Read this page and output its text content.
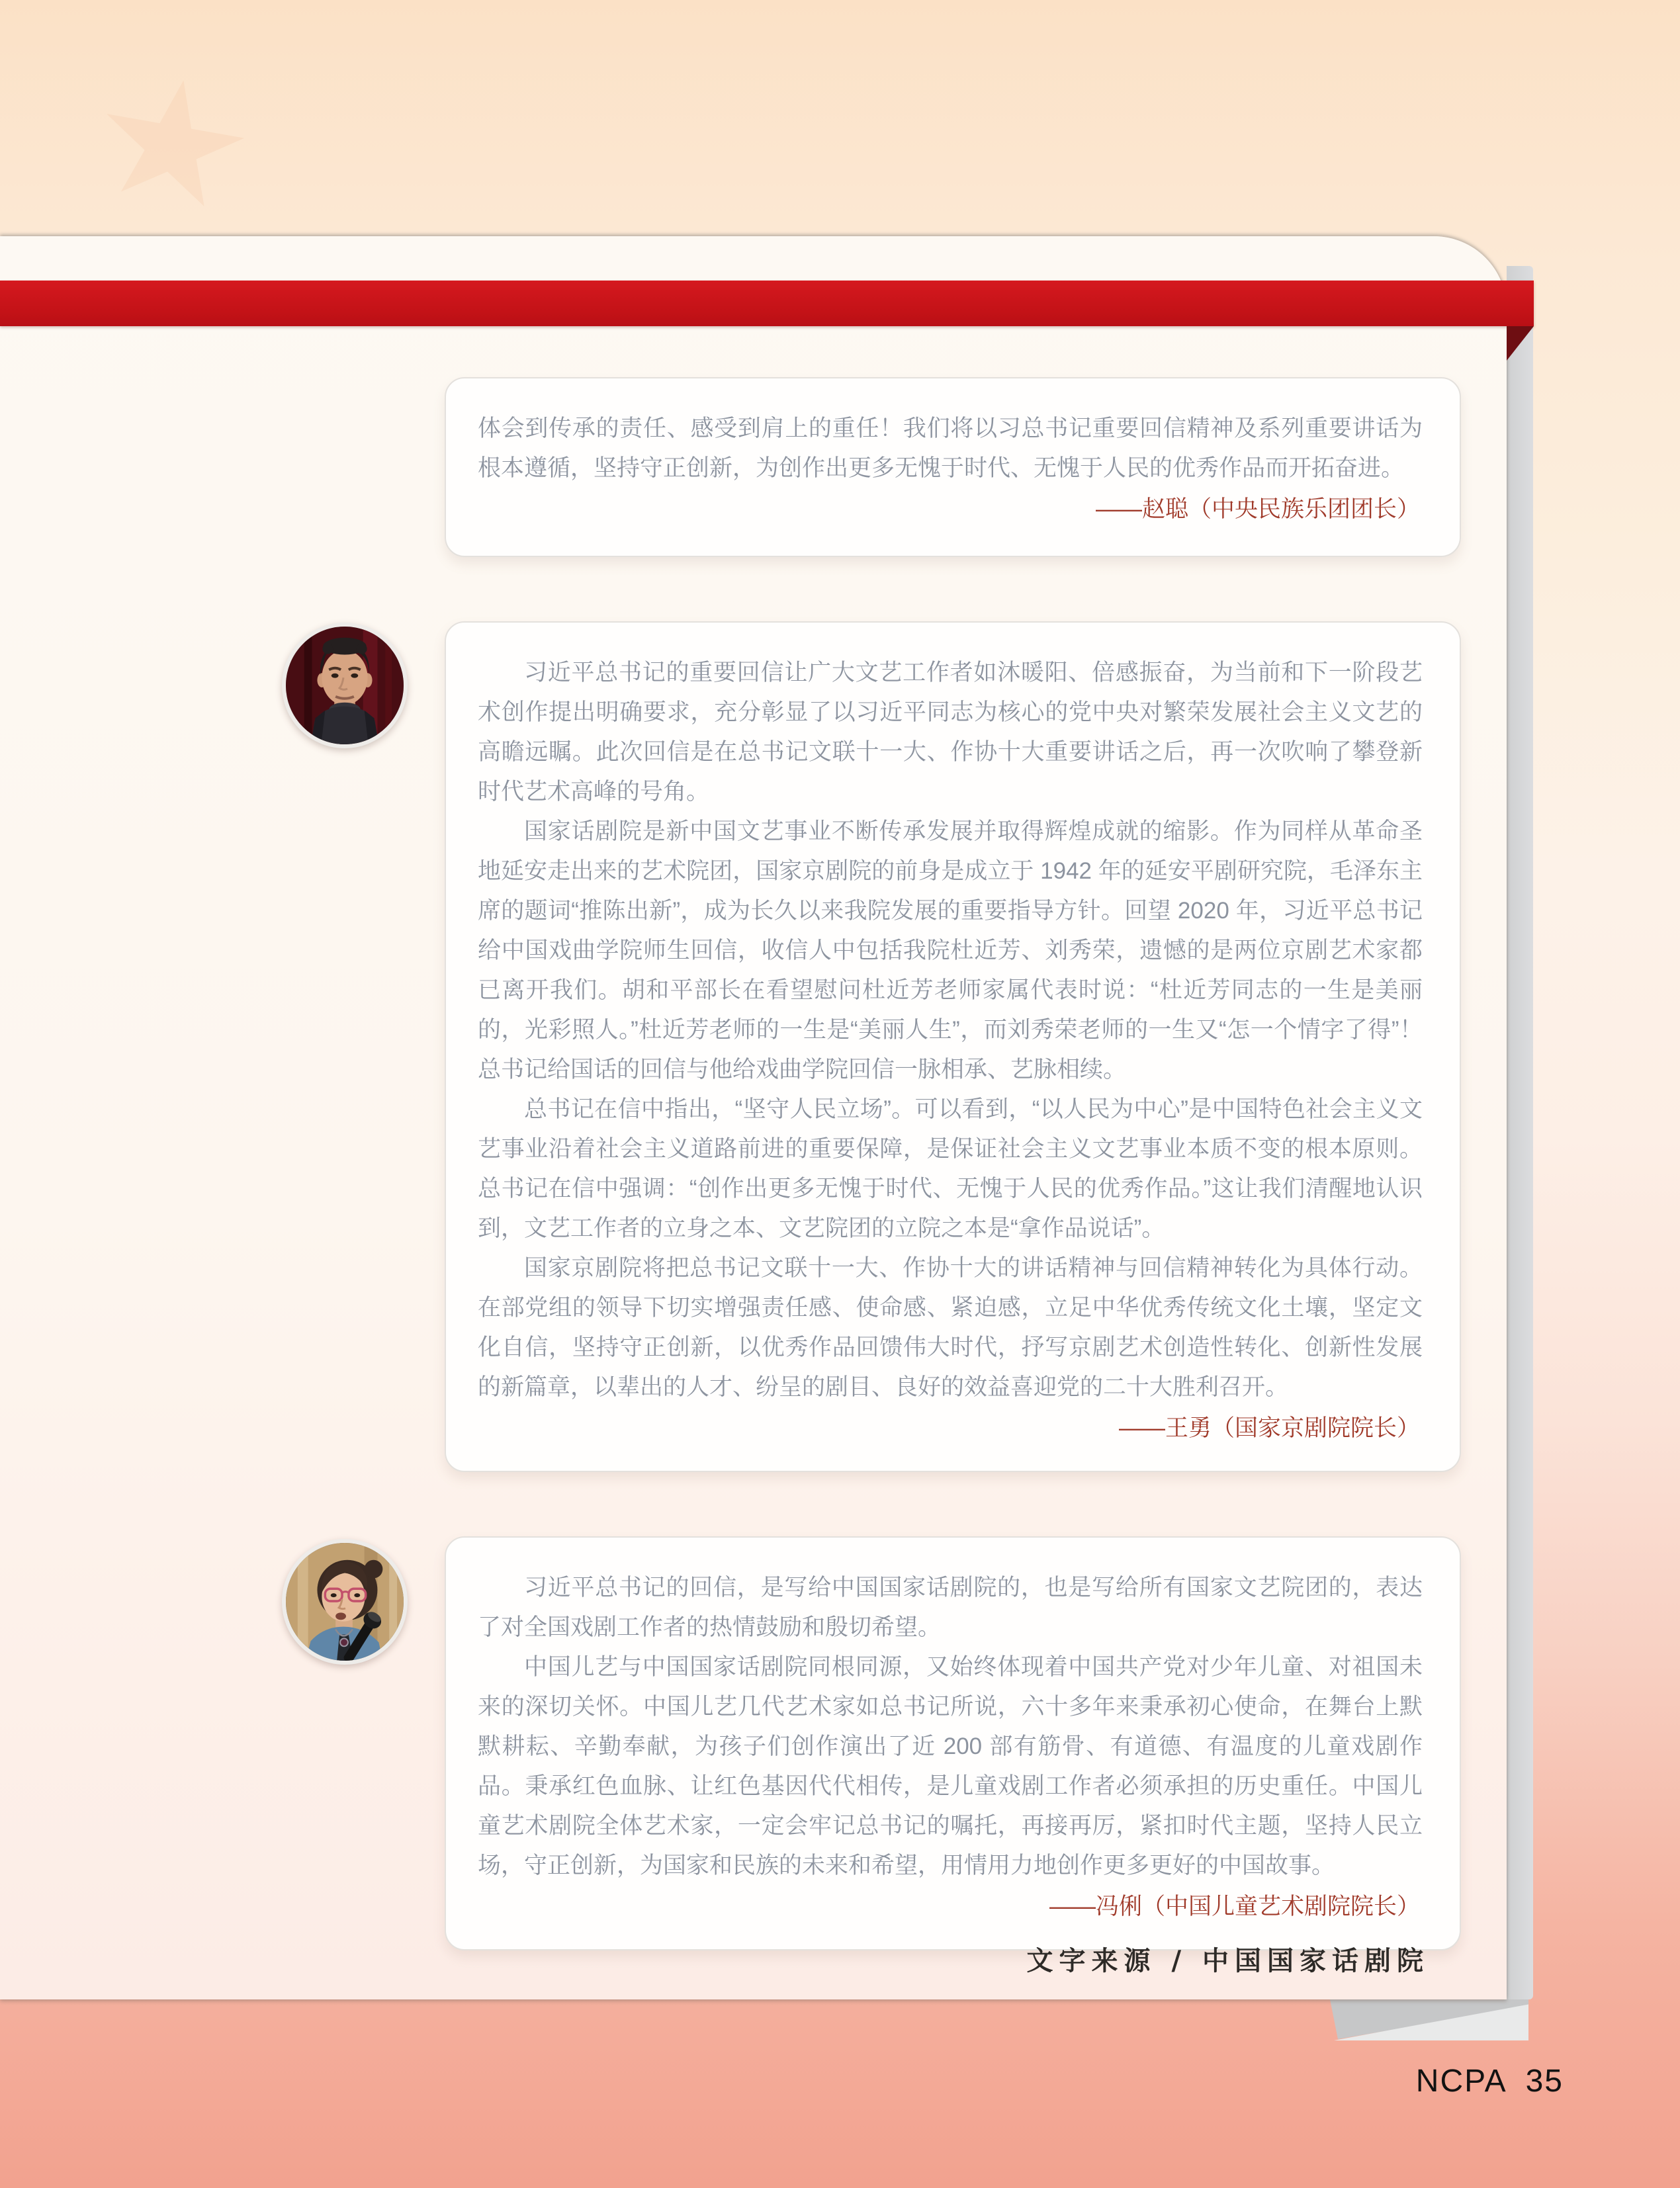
体会到传承的责任、感受到肩上的重任！我们将以习总书记重要回信精神及系列重要讲话为根本遵循，坚持守正创新，为创作出更多无愧于时代、无愧于人民的优秀作品而开拓奋进。

——赵聪（中央民族乐团团长）

习近平总书记的重要回信让广大文艺工作者如沐暖阳、倍感振奋，为当前和下一阶段艺术创作提出明确要求，充分彰显了以习近平同志为核心的党中央对繁荣发展社会主义文艺的高瞻远瞩。此次回信是在总书记文联十一大、作协十大重要讲话之后，再一次吹响了攀登新时代艺术高峰的号角。

国家话剧院是新中国文艺事业不断传承发展并取得辉煌成就的缩影。作为同样从革命圣地延安走出来的艺术院团，国家京剧院的前身是成立于 1942 年的延安平剧研究院，毛泽东主席的题词“推陈出新”，成为长久以来我院发展的重要指导方针。回望 2020 年，习近平总书记给中国戏曲学院师生回信，收信人中包括我院杜近芳、刘秀荣，遗憾的是两位京剧艺术家都已离开我们。胡和平部长在看望慰问杜近芳老师家属代表时说：“杜近芳同志的一生是美丽的，光彩照人。”杜近芳老师的一生是“美丽人生”，而刘秀荣老师的一生又“怎一个情字了得”！总书记给国话的回信与他给戏曲学院回信一脉相承、艺脉相续。

总书记在信中指出，“坚守人民立场”。可以看到，“以人民为中心”是中国特色社会主义文艺事业沿着社会主义道路前进的重要保障，是保证社会主义文艺事业本质不变的根本原则。总书记在信中强调：“创作出更多无愧于时代、无愧于人民的优秀作品。”这让我们清醒地认识到，文艺工作者的立身之本、文艺院团的立院之本是“拿作品说话”。

国家京剧院将把总书记文联十一大、作协十大的讲话精神与回信精神转化为具体行动。在部党组的领导下切实增强责任感、使命感、紧迫感，立足中华优秀传统文化土壤，坚定文化自信，坚持守正创新，以优秀作品回馈伟大时代，抒写京剧艺术创造性转化、创新性发展的新篇章，以辈出的人才、纷呈的剧目、良好的效益喜迎党的二十大胜利召开。

——王勇（国家京剧院院长）

习近平总书记的回信，是写给中国国家话剧院的，也是写给所有国家文艺院团的，表达了对全国戏剧工作者的热情鼓励和殷切希望。

中国儿艺与中国国家话剧院同根同源，又始终体现着中国共产党对少年儿童、对祖国未来的深切关怀。中国儿艺几代艺术家如总书记所说，六十多年来秉承初心使命，在舞台上默默耕耘、辛勤奉献，为孩子们创作演出了近 200 部有筋骨、有道德、有温度的儿童戏剧作品。秉承红色血脉、让红色基因代代相传，是儿童戏剧工作者必须承担的历史重任。中国儿童艺术剧院全体艺术家，一定会牢记总书记的嘱托，再接再厉，紧扣时代主题，坚持人民立场，守正创新，为国家和民族的未来和希望，用情用力地创作更多更好的中国故事。

——冯俐（中国儿童艺术剧院院长）
文字来源 / 中国国家话剧院
NCPA  35
